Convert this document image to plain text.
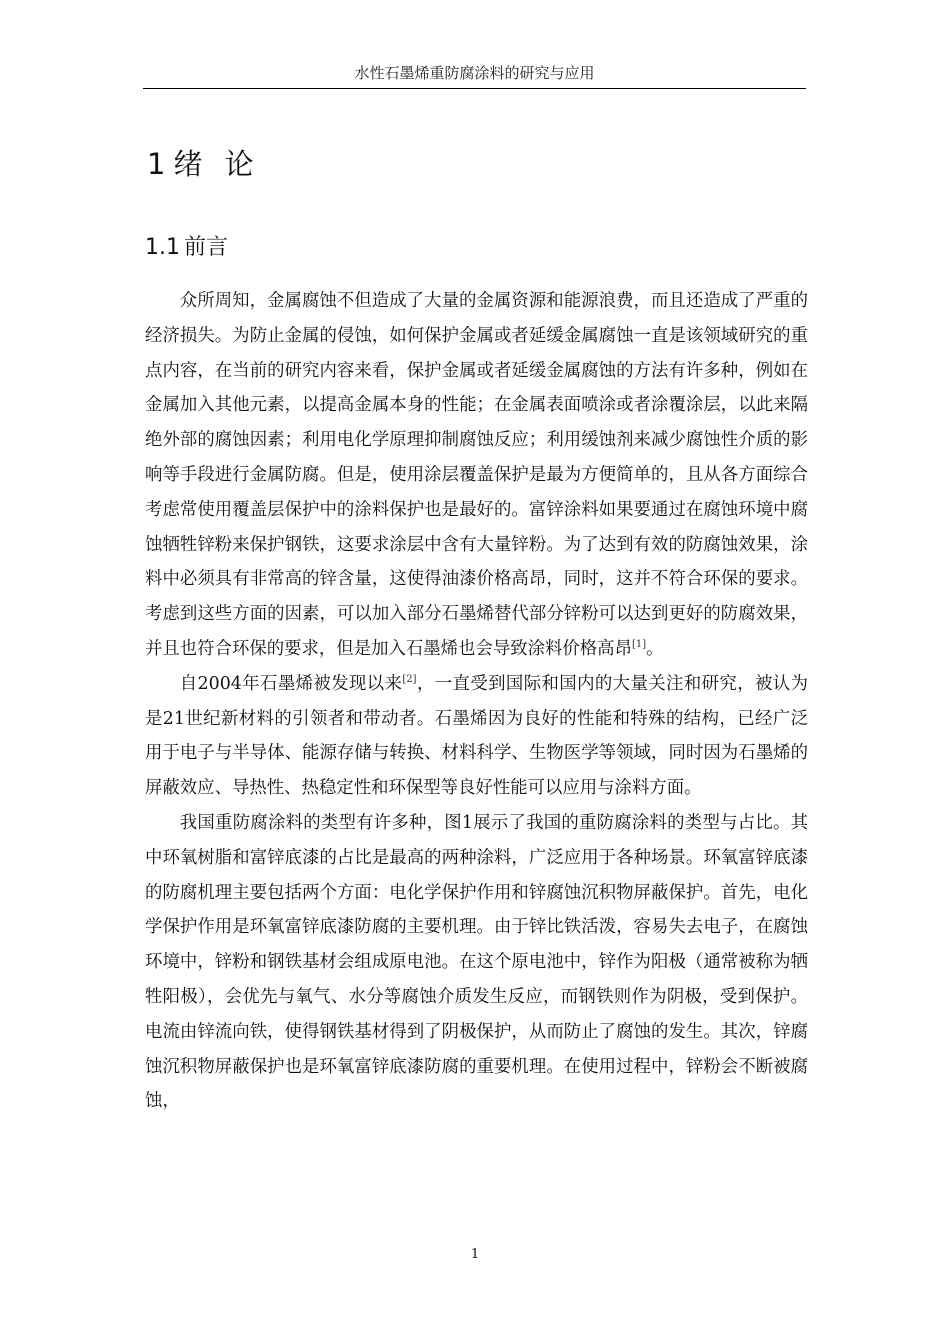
水性石墨烯重防腐涂料的研究与应用
1 绪论
1.1 前言

众所周知，金属腐蚀不但造成了大量的金属资源和能源浪费，而且还造成了严重的经济损失。为防止金属的侵蚀，如何保护金属或者延缓金属腐蚀一直是该领域研究的重点内容，在当前的研究内容来看，保护金属或者延缓金属腐蚀的方法有许多种，例如在金属加入其他元素，以提高金属本身的性能；在金属表面喷涂或者涂覆涂层，以此来隔绝外部的腐蚀因素；利用电化学原理抑制腐蚀反应；利用缓蚀剂来减少腐蚀性介质的影响等手段进行金属防腐。但是，使用涂层覆盖保护是最为方便简单的，且从各方面综合考虑常使用覆盖层保护中的涂料保护也是最好的。富锌涂料如果要通过在腐蚀环境中腐蚀牺牲锌粉来保护钢铁，这要求涂层中含有大量锌粉。为了达到有效的防腐蚀效果，涂料中必须具有非常高的锌含量，这使得油漆价格高昂，同时，这并不符合环保的要求。考虑到这些方面的因素，可以加入部分石墨烯替代部分锌粉可以达到更好的防腐效果，并且也符合环保的要求，但是加入石墨烯也会导致涂料价格高昂[1]。

自2004年石墨烯被发现以来[2]，一直受到国际和国内的大量关注和研究，被认为是21世纪新材料的引领者和带动者。石墨烯因为良好的性能和特殊的结构，已经广泛用于电子与半导体、能源存储与转换、材料科学、生物医学等领域，同时因为石墨烯的屏蔽效应、导热性、热稳定性和环保型等良好性能可以应用与涂料方面。

我国重防腐涂料的类型有许多种，图1展示了我国的重防腐涂料的类型与占比。其中环氧树脂和富锌底漆的占比是最高的两种涂料，广泛应用于各种场景。环氧富锌底漆的防腐机理主要包括两个方面：电化学保护作用和锌腐蚀沉积物屏蔽保护。首先，电化学保护作用是环氧富锌底漆防腐的主要机理。由于锌比铁活泼，容易失去电子，在腐蚀环境中，锌粉和钢铁基材会组成原电池。在这个原电池中，锌作为阳极（通常被称为牺牲阳极），会优先与氧气、水分等腐蚀介质发生反应，而钢铁则作为阴极，受到保护。电流由锌流向铁，使得钢铁基材得到了阴极保护，从而防止了腐蚀的发生。其次，锌腐蚀沉积物屏蔽保护也是环氧富锌底漆防腐的重要机理。在使用过程中，锌粉会不断被腐蚀，

1
